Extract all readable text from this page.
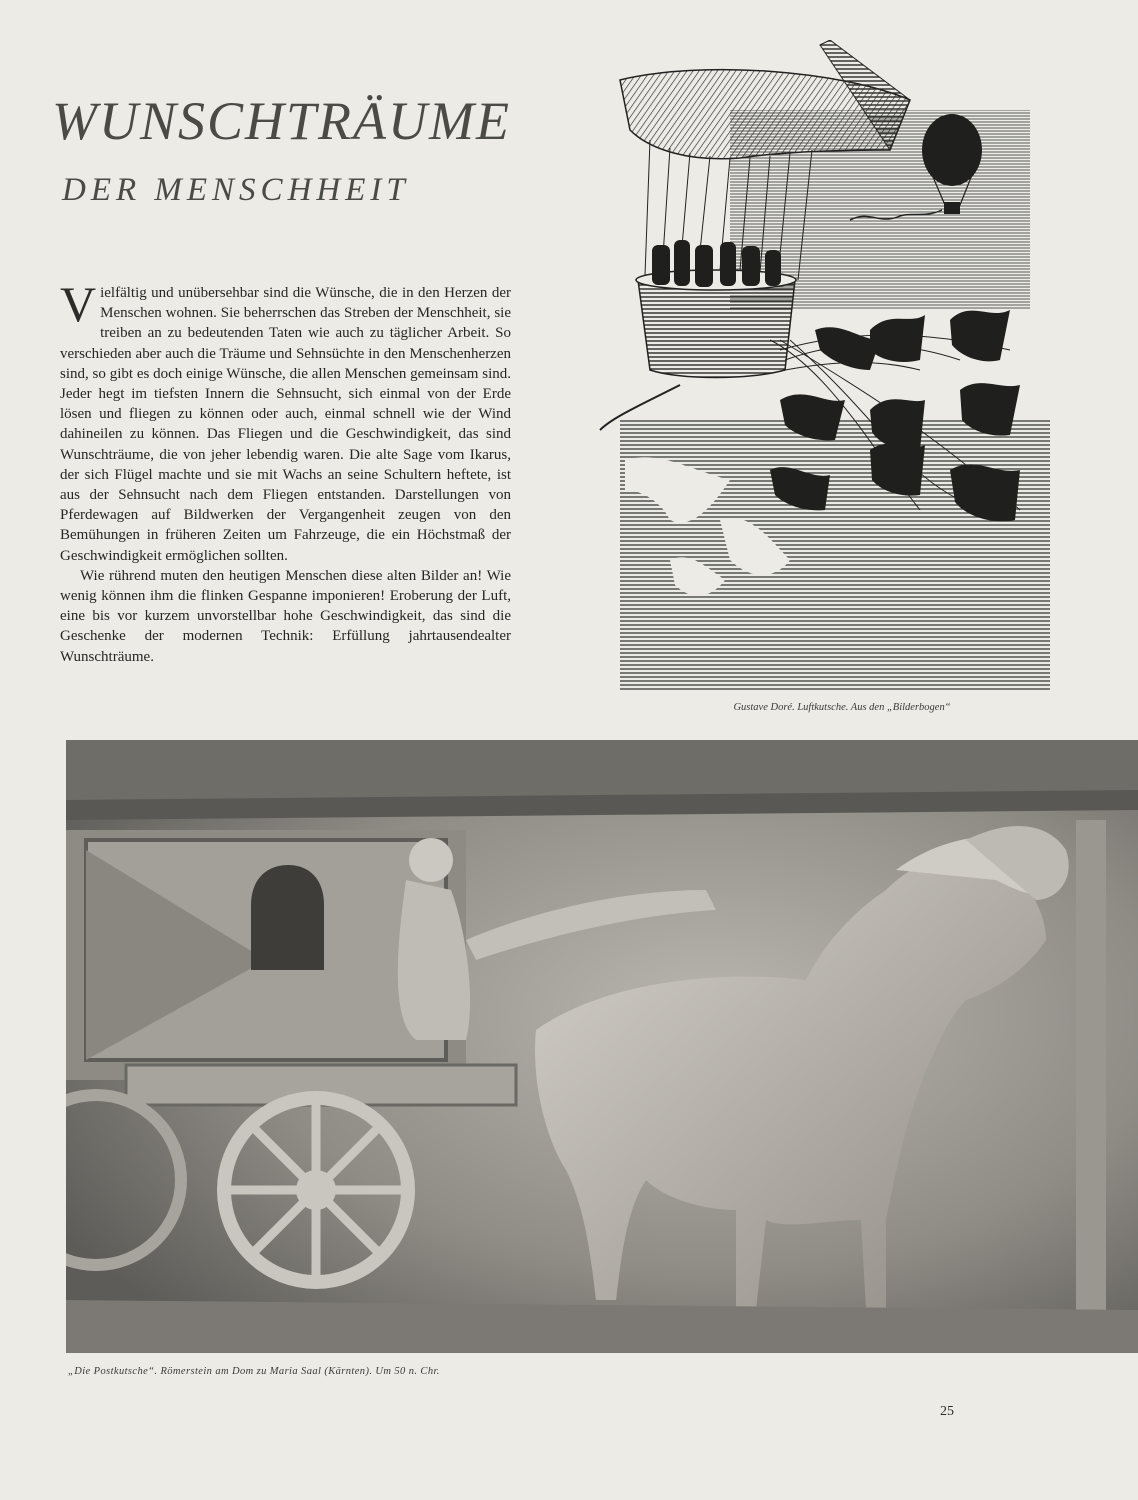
WUNSCHTRÄUME
DER MENSCHHEIT

Vielfältig und unübersehbar sind die Wünsche, die in den Herzen der Menschen wohnen. Sie beherrschen das Streben der Menschheit, sie treiben an zu bedeutenden Taten wie auch zu täglicher Arbeit. So verschieden aber auch die Träume und Sehnsüchte in den Menschenherzen sind, so gibt es doch einige Wünsche, die allen Menschen gemeinsam sind. Jeder hegt im tiefsten Innern die Sehnsucht, sich einmal von der Erde lösen und fliegen zu können oder auch, einmal schnell wie der Wind dahineilen zu können. Das Fliegen und die Geschwindigkeit, das sind Wunschträume, die von jeher lebendig waren. Die alte Sage vom Ikarus, der sich Flügel machte und sie mit Wachs an seine Schultern heftete, ist aus der Sehnsucht nach dem Fliegen entstanden. Darstellungen von Pferdewagen auf Bildwerken der Vergangenheit zeugen von den Bemühungen in früheren Zeiten um Fahrzeuge, die ein Höchstmaß der Geschwindigkeit ermöglichen sollten.

Wie rührend muten den heutigen Menschen diese alten Bilder an! Wie wenig können ihm die flinken Gespanne imponieren! Eroberung der Luft, eine bis vor kurzem unvorstellbar hohe Geschwindigkeit, das sind die Geschenke der modernen Technik: Erfüllung jahrtausendealter Wunschträume.

Gustave Doré. Luftkutsche. Aus den „Bilderbogen“
„Die Postkutsche“. Römerstein am Dom zu Maria Saal (Kärnten). Um 50 n. Chr.
25
